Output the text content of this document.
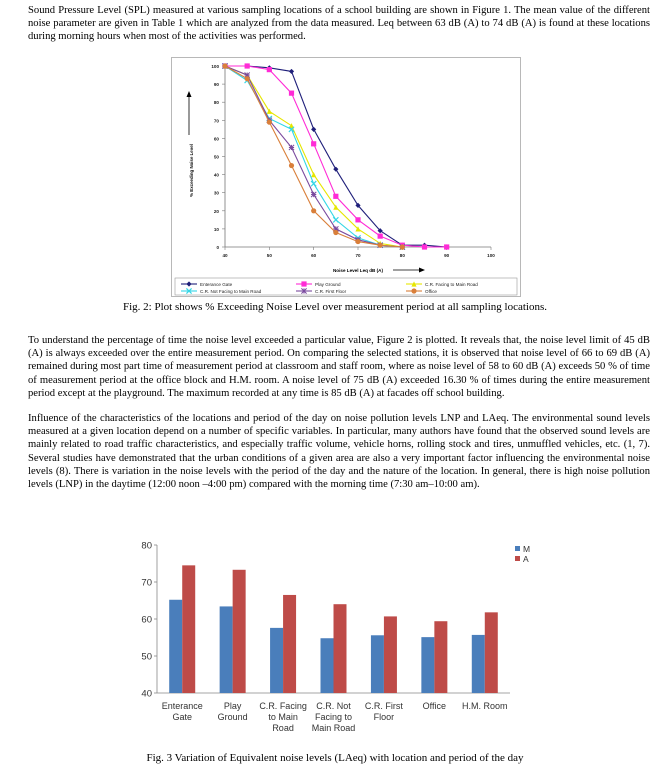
Sound Pressure Level (SPL) measured at various sampling locations of a school building are shown in Figure 1. The mean value of the different noise parameter are given in Table 1 which are analyzed from the data measured. Leq between 63 dB (A) to 74 dB (A) is found at these locations during morning hours when most of the activities was performed.

0
10
20
30
40
50
60
70
80
90
100
40	50	60	70	80	90	100
% Exceeding Noise Level
Noise Level Leq dB (A)
Enterance Gate	Play Ground	C.R. Facing to Main Road
C.R. Not Facing to Main Road	C.R. First Floor	Office

Fig. 2: Plot shows % Exceeding Noise Level over measurement period at all sampling locations.

To understand the percentage of time the noise level exceeded a particular value, Figure 2 is plotted. It reveals that, the noise level limit of 45 dB (A) is always exceeded over the entire measurement period. On comparing the selected stations, it is observed that noise level of 66 to 69 dB (A) remained during most part time of measurement period at classroom and staff room, where as noise level of 58 to 60 dB (A) exceeds 50 % of time of measurement period at the office block and H.M. room. A noise level of 75 dB (A) exceeded 16.30 % of times during the entire measurement period except at the playground. The maximum recorded at any time is 85 dB (A) at facades off school building.

Influence of the characteristics of the locations and period of the day on noise pollution levels LNP and LAeq. The environmental sound levels measured at a given location depend on a number of specific variables. In particular, many authors have found that the observed sound levels are mainly related to road traffic characteristics, and especially traffic volume, vehicle horns, rolling stock and tires, unmuffled vehicles, etc. (1, 7). Several studies have demonstrated that the urban conditions of a given area are also a very important factor influencing the environmental noise levels (8). There is variation in the noise levels with the period of the day and the nature of the location. In general, there is high noise pollution levels (LNP) in the daytime (12:00 noon –4:00 pm) compared with the morning time (7:30 am–10:00 am).

40
50
60
70
80
Enterance
Gate
Play
Ground
C.R. Facing
to Main
Road
C.R. Not
Facing to
Main Road
C.R. First
Floor
Office H.M. Room
M
A

Fig. 3 Variation of Equivalent noise levels (LAeq) with location and period of the day
